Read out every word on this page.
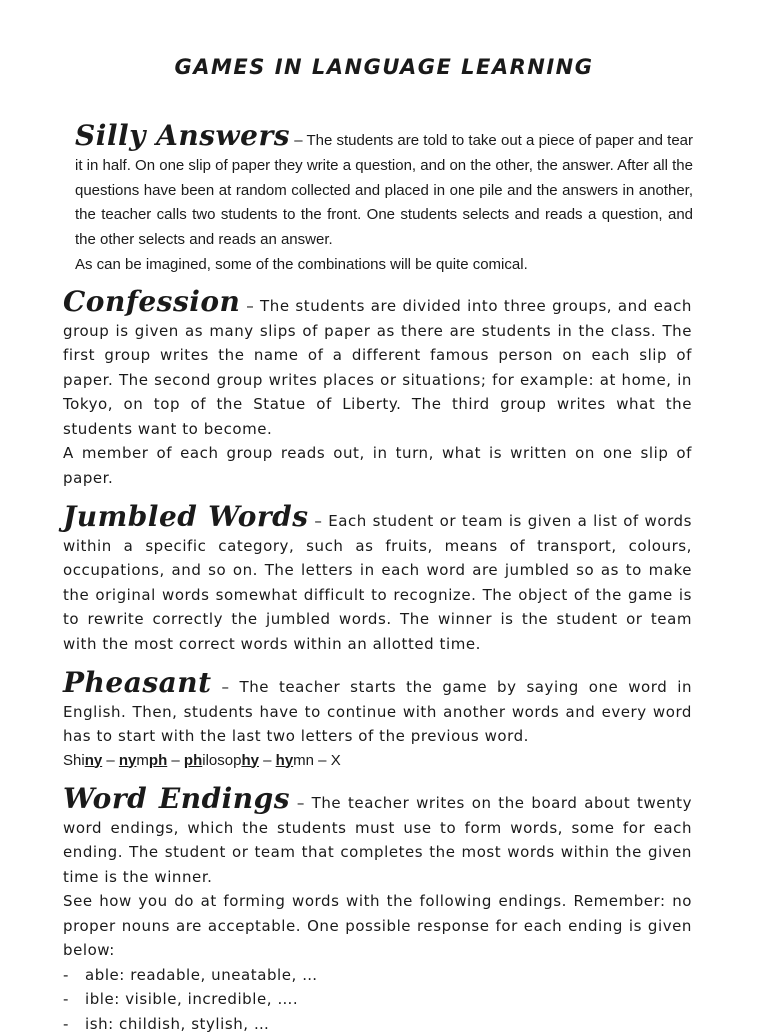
GAMES IN LANGUAGE LEARNING

Silly Answers – The students are told to take out a piece of paper and tear it in half. On one slip of paper they write a question, and on the other, the answer. After all the questions have been at random collected and placed in one pile and the answers in another, the teacher calls two students to the front. One students selects and reads a question, and the other selects and reads an answer.

As can be imagined, some of the combinations will be quite comical.

Confession – The students are divided into three groups, and each group is given as many slips of paper as there are students in the class. The first group writes the name of a different famous person on each slip of paper. The second group writes places or situations; for example: at home, in Tokyo, on top of the Statue of Liberty. The third group writes what the students want to become.

A member of each group reads out, in turn, what is written on one slip of paper.

Jumbled Words – Each student or team is given a list of words within a specific category, such as fruits, means of transport, colours, occupations, and so on. The letters in each word are jumbled so as to make the original words somewhat difficult to recognize. The object of the game is to rewrite correctly the jumbled words. The winner is the student or team with the most correct words within an allotted time.

Pheasant – The teacher starts the game by saying one word in English. Then, students have to continue with another words and every word has to start with the last two letters of the previous word.

Shiny – nymph – philosophy – hymn – X

Word Endings – The teacher writes on the board about twenty word endings, which the students must use to form words, some for each ending. The student or team that completes the most words within the given time is the winner.

See how you do at forming words with the following endings. Remember: no proper nouns are acceptable. One possible response for each ending is given below:

- able: readable, uneatable, …
- ible: visible, incredible, ….
- ish: childish, stylish, …
